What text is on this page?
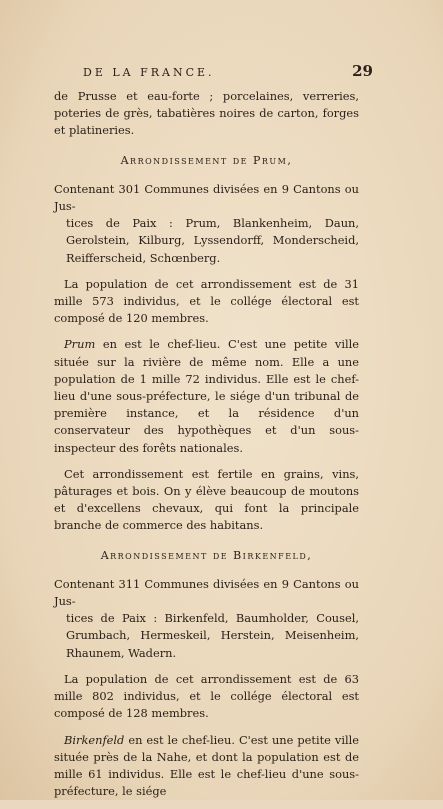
DE LA FRANCE.	29

de Prusse et eau-forte ; porcelaines, verreries, poteries de grès, tabatières noires de carton, forges et platineries.

Arrondissement de Prum,

Contenant 301 Communes divisées en 9 Cantons ou Jus-
tices de Paix : Prum, Blankenheim, Daun, Gerolstein, Kilburg, Lyssendorff, Monderscheid, Reifferscheid, Schœnberg.

La population de cet arrondissement est de 31 mille 573 individus, et le collége électoral est composé de 120 membres.

Prum en est le chef-lieu. C'est une petite ville située sur la rivière de même nom. Elle a une population de 1 mille 72 individus. Elle est le chef-lieu d'une sous-préfecture, le siége d'un tribunal de première instance, et la résidence d'un conservateur des hypothèques et d'un sous-inspecteur des forêts nationales.

Cet arrondissement est fertile en grains, vins, pâturages et bois. On y élève beaucoup de moutons et d'excellens chevaux, qui font la principale branche de commerce des habitans.

Arrondissement de Birkenfeld,

Contenant 311 Communes divisées en 9 Cantons ou Jus-
tices de Paix : Birkenfeld, Baumholder, Cousel, Grumbach, Hermeskeil, Herstein, Meisenheim, Rhaunem, Wadern.

La population de cet arrondissement est de 63 mille 802 individus, et le collége électoral est composé de 128 membres.

Birkenfeld en est le chef-lieu. C'est une petite ville située près de la Nahe, et dont la population est de mille 61 individus. Elle est le chef-lieu d'une sous-préfecture, le siége
